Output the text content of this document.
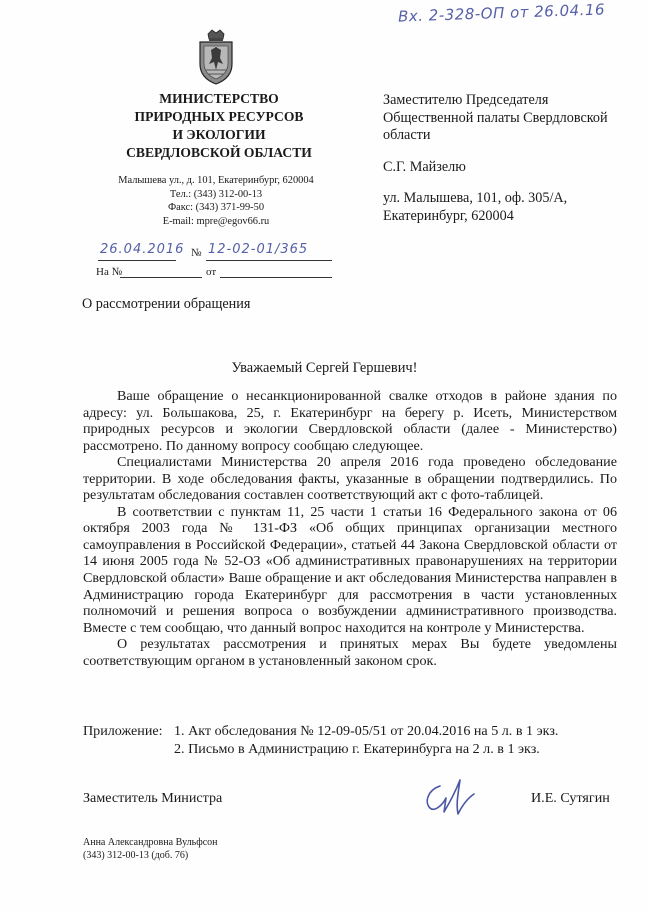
Вх. 2-328-ОП от 26.04.16
МИНИСТЕРСТВО
ПРИРОДНЫХ РЕСУРСОВ
И ЭКОЛОГИИ
СВЕРДЛОВСКОЙ ОБЛАСТИ
Малышева ул., д. 101, Екатеринбург, 620004
Тел.: (343) 312-00-13
Факс: (343) 371-99-50
E-mail: mpre@egov66.ru
26.04.2016 № 12-02-01/365
На №	от
Заместителю Председателя
Общественной палаты Свердловской
области
С.Г. Майзелю
ул. Малышева, 101, оф. 305/А,
Екатеринбург, 620004
О рассмотрении обращения
Уважаемый Сергей Гершевич!

Ваше обращение о несанкционированной свалке отходов в районе здания по адресу: ул. Большакова, 25, г. Екатеринбург на берегу р. Исеть, Министерством природных ресурсов и экологии Свердловской области (далее - Министерство) рассмотрено. По данному вопросу сообщаю следующее.

Специалистами Министерства 20 апреля 2016 года проведено обследование территории. В ходе обследования факты, указанные в обращении подтвердились. По результатам обследования составлен соответствующий акт с фото-таблицей.

В соответствии с пунктам 11, 25 части 1 статьи 16 Федерального закона от 06 октября 2003 года № 131-ФЗ «Об общих принципах организации местного самоуправления в Российской Федерации», статьей 44 Закона Свердловской области от 14 июня 2005 года № 52-ОЗ «Об административных правонарушениях на территории Свердловской области» Ваше обращение и акт обследования Министерства направлен в Администрацию города Екатеринбург для рассмотрения в части установленных полномочий и решения вопроса о возбуждении административного производства. Вместе с тем сообщаю, что данный вопрос находится на контроле у Министерства.

О результатах рассмотрения и принятых мерах Вы будете уведомлены соответствующим органом в установленный законом срок.

Приложение: 1. Акт обследования № 12-09-05/51 от 20.04.2016 на 5 л. в 1 экз.
2. Письмо в Администрацию г. Екатеринбурга на 2 л. в 1 экз.
Заместитель Министра	И.Е. Сутягин
Анна Александровна Вульфсон
(343) 312-00-13 (доб. 76)
